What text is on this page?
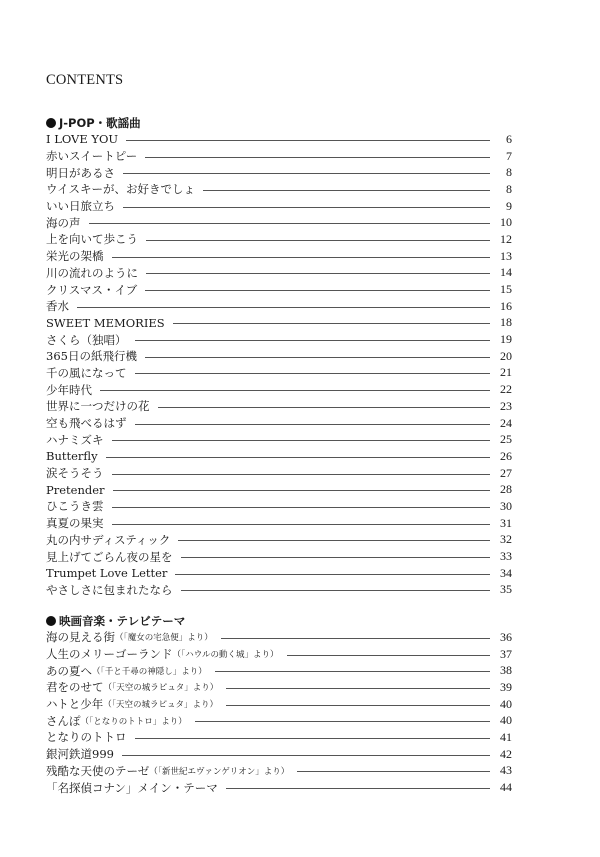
CONTENTS
J-POP・歌謡曲
I LOVE YOU	6
赤いスイートピー	7
明日があるさ	8
ウイスキーが、お好きでしょ	8
いい日旅立ち	9
海の声	10
上を向いて歩こう	12
栄光の架橋	13
川の流れのように	14
クリスマス・イブ	15
香水	16
SWEET MEMORIES	18
さくら（独唱）	19
365日の紙飛行機	20
千の風になって	21
少年時代	22
世界に一つだけの花	23
空も飛べるはず	24
ハナミズキ	25
Butterfly	26
涙そうそう	27
Pretender	28
ひこうき雲	30
真夏の果実	31
丸の内サディスティック	32
見上げてごらん夜の星を	33
Trumpet Love Letter	34
やさしさに包まれたなら	35
映画音楽・テレビテーマ
海の見える街 （「魔女の宅急便」より）	36
人生のメリーゴーランド （「ハウルの動く城」より）	37
あの夏へ （「千と千尋の神隠し」より）	38
君をのせて （「天空の城ラピュタ」より）	39
ハトと少年 （「天空の城ラピュタ」より）	40
さんぽ （「となりのトトロ」より）	40
となりのトトロ	41
銀河鉄道999	42
残酷な天使のテーゼ （「新世紀エヴァンゲリオン」より）	43
「名探偵コナン」メイン・テーマ	44
